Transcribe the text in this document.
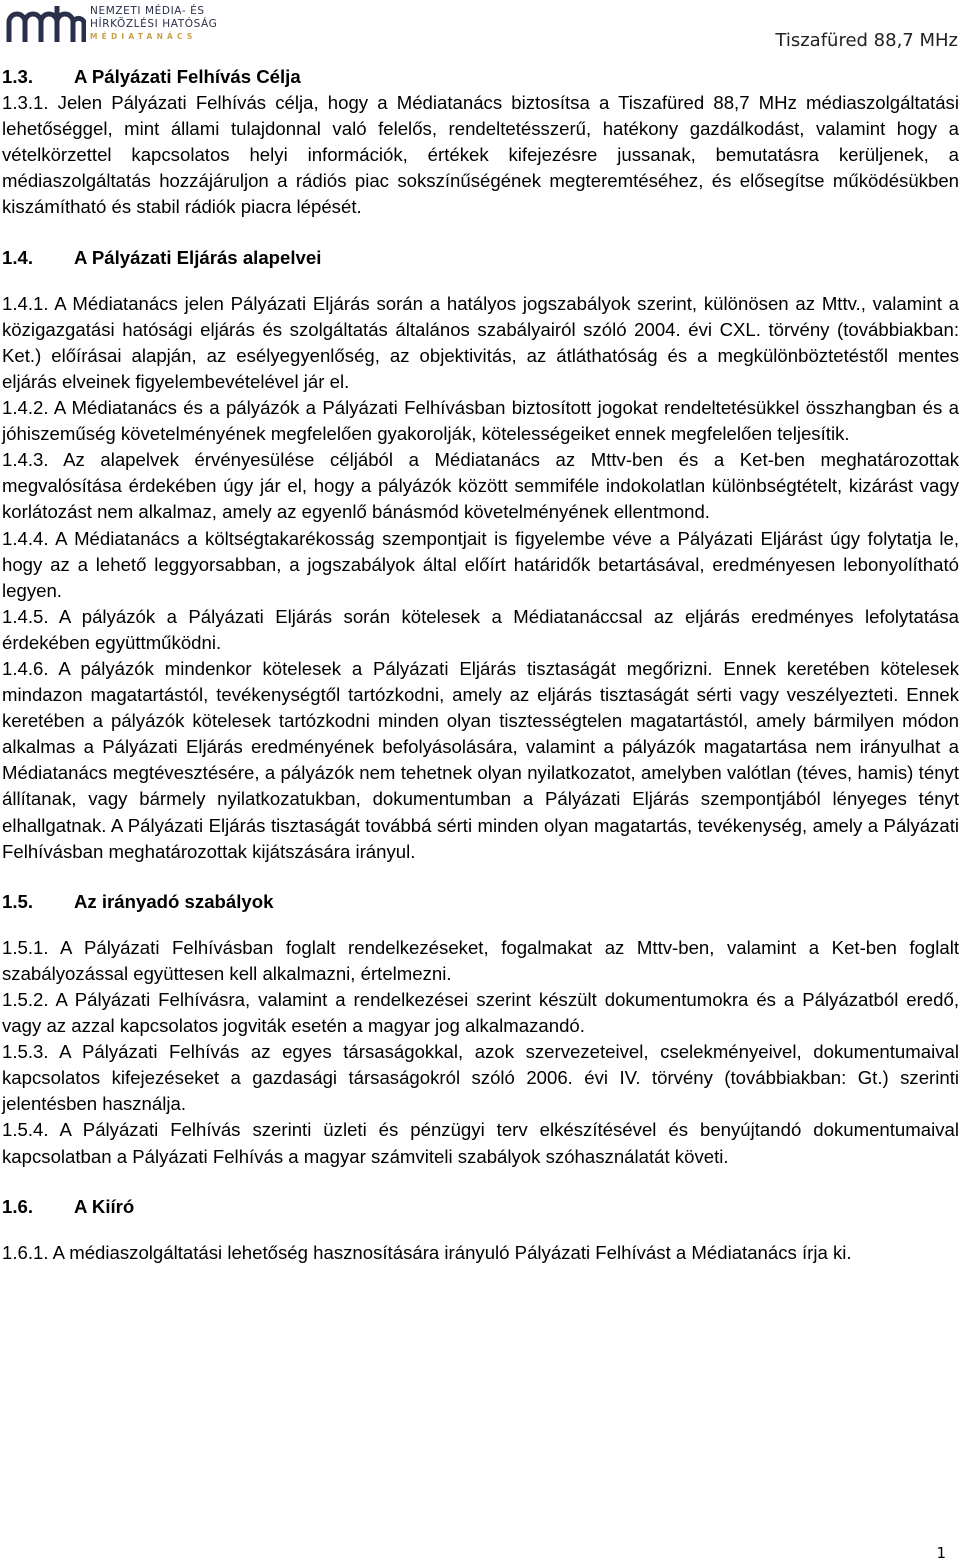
NEMZETI MÉDIA- ÉS
HÍRKÖZLÉSI HATÓSÁG
MÉDIATANÁCS	Tiszafüred 88,7 MHz
1.3.	A Pályázati Felhívás Célja

1.3.1. Jelen Pályázati Felhívás célja, hogy a Médiatanács biztosítsa a Tiszafüred 88,7 MHz médiaszolgáltatási lehetőséggel, mint állami tulajdonnal való felelős, rendeltetésszerű, hatékony gazdálkodást, valamint hogy a vételkörzettel kapcsolatos helyi információk, értékek kifejezésre jussanak, bemutatásra kerüljenek, a médiaszolgáltatás hozzájáruljon a rádiós piac sokszínűségének megteremtéséhez, és elősegítse működésükben kiszámítható és stabil rádiók piacra lépését.

1.4.	A Pályázati Eljárás alapelvei

1.4.1. A Médiatanács jelen Pályázati Eljárás során a hatályos jogszabályok szerint, különösen az Mttv., valamint a közigazgatási hatósági eljárás és szolgáltatás általános szabályairól szóló 2004. évi CXL. törvény (továbbiakban: Ket.) előírásai alapján, az esélyegyenlőség, az objektivitás, az átláthatóság és a megkülönböztetéstől mentes eljárás elveinek figyelembevételével jár el.

1.4.2. A Médiatanács és a pályázók a Pályázati Felhívásban biztosított jogokat rendeltetésükkel összhangban és a jóhiszeműség követelményének megfelelően gyakorolják, kötelességeiket ennek megfelelően teljesítik.

1.4.3. Az alapelvek érvényesülése céljából a Médiatanács az Mttv-ben és a Ket-ben meghatározottak megvalósítása érdekében úgy jár el, hogy a pályázók között semmiféle indokolatlan különbségtételt, kizárást vagy korlátozást nem alkalmaz, amely az egyenlő bánásmód követelményének ellentmond.

1.4.4. A Médiatanács a költségtakarékosság szempontjait is figyelembe véve a Pályázati Eljárást úgy folytatja le, hogy az a lehető leggyorsabban, a jogszabályok által előírt határidők betartásával, eredményesen lebonyolítható legyen.

1.4.5. A pályázók a Pályázati Eljárás során kötelesek a Médiatanáccsal az eljárás eredményes lefolytatása érdekében együttműködni.

1.4.6. A pályázók mindenkor kötelesek a Pályázati Eljárás tisztaságát megőrizni. Ennek keretében kötelesek mindazon magatartástól, tevékenységtől tartózkodni, amely az eljárás tisztaságát sérti vagy veszélyezteti. Ennek keretében a pályázók kötelesek tartózkodni minden olyan tisztességtelen magatartástól, amely bármilyen módon alkalmas a Pályázati Eljárás eredményének befolyásolására, valamint a pályázók magatartása nem irányulhat a Médiatanács megtévesztésére, a pályázók nem tehetnek olyan nyilatkozatot, amelyben valótlan (téves, hamis) tényt állítanak, vagy bármely nyilatkozatukban, dokumentumban a Pályázati Eljárás szempontjából lényeges tényt elhallgatnak. A Pályázati Eljárás tisztaságát továbbá sérti minden olyan magatartás, tevékenység, amely a Pályázati Felhívásban meghatározottak kijátszására irányul.

1.5.	Az irányadó szabályok

1.5.1. A Pályázati Felhívásban foglalt rendelkezéseket, fogalmakat az Mttv-ben, valamint a Ket-ben foglalt szabályozással együttesen kell alkalmazni, értelmezni.

1.5.2. A Pályázati Felhívásra, valamint a rendelkezései szerint készült dokumentumokra és a Pályázatból eredő, vagy az azzal kapcsolatos jogviták esetén a magyar jog alkalmazandó.

1.5.3. A Pályázati Felhívás az egyes társaságokkal, azok szervezeteivel, cselekményeivel, dokumentumaival kapcsolatos kifejezéseket a gazdasági társaságokról szóló 2006. évi IV. törvény (továbbiakban: Gt.) szerinti jelentésben használja.

1.5.4. A Pályázati Felhívás szerinti üzleti és pénzügyi terv elkészítésével és benyújtandó dokumentumaival kapcsolatban a Pályázati Felhívás a magyar számviteli szabályok szóhasználatát követi.

1.6.	A Kiíró

1.6.1. A médiaszolgáltatási lehetőség hasznosítására irányuló Pályázati Felhívást a Médiatanács írja ki.

1
